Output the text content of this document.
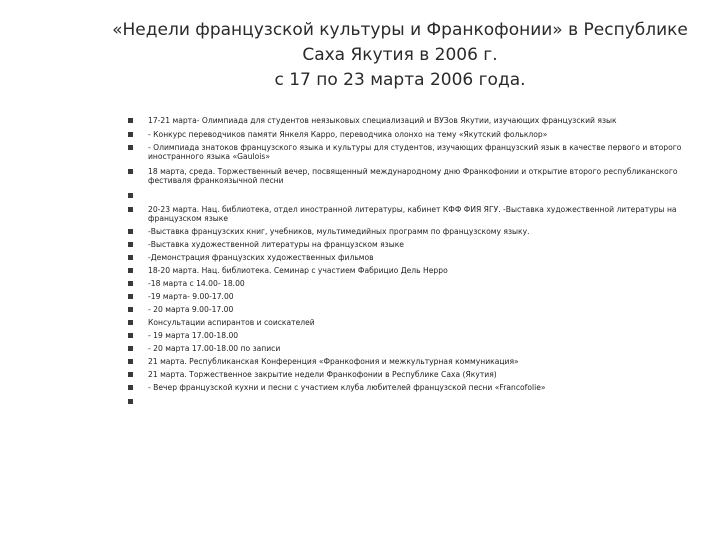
«Недели французской культуры и Франкофонии» в Республике
Саха Якутия в 2006 г.
с 17 по 23 марта 2006 года.
17-21 марта- Олимпиада для студентов неязыковых специализаций и ВУЗов Якутии, изучающих французский язык
- Конкурс переводчиков памяти Янкеля Карро, переводчика олонхо на тему «Якутский фольклор»
- Олимпиада знатоков французского языка и культуры для студентов, изучающих французский язык в качестве первого и второго иностранного языка «Gaulois»
18 марта, среда. Торжественный вечер, посвященный международному дню Франкофонии и открытие второго республиканского фестиваля франкоязычной песни
20-23 марта. Нац. библиотека, отдел иностранной литературы, кабинет КФФ ФИЯ ЯГУ. -Выставка художественной литературы на французском языке
-Выставка французских книг, учебников, мультимедийных программ по французскому языку.
-Выставка художественной литературы на французском языке
-Демонстрация французских художественных фильмов
18-20 марта. Нац. библиотека. Семинар с участием Фабрицио Дель Нерро
-18 марта с 14.00- 18.00
-19 марта- 9.00-17.00
- 20 марта 9.00-17.00
Консультации аспирантов и соискателей
- 19 марта 17.00-18.00
- 20 марта 17.00-18.00 по записи
21 марта. Республиканская Конференция «Франкофония и межкультурная коммуникация»
21 марта. Торжественное закрытие недели Франкофонии в Республике Саха (Якутия)
- Вечер французской кухни и песни с участием клуба любителей французской песни «Francofolie»
